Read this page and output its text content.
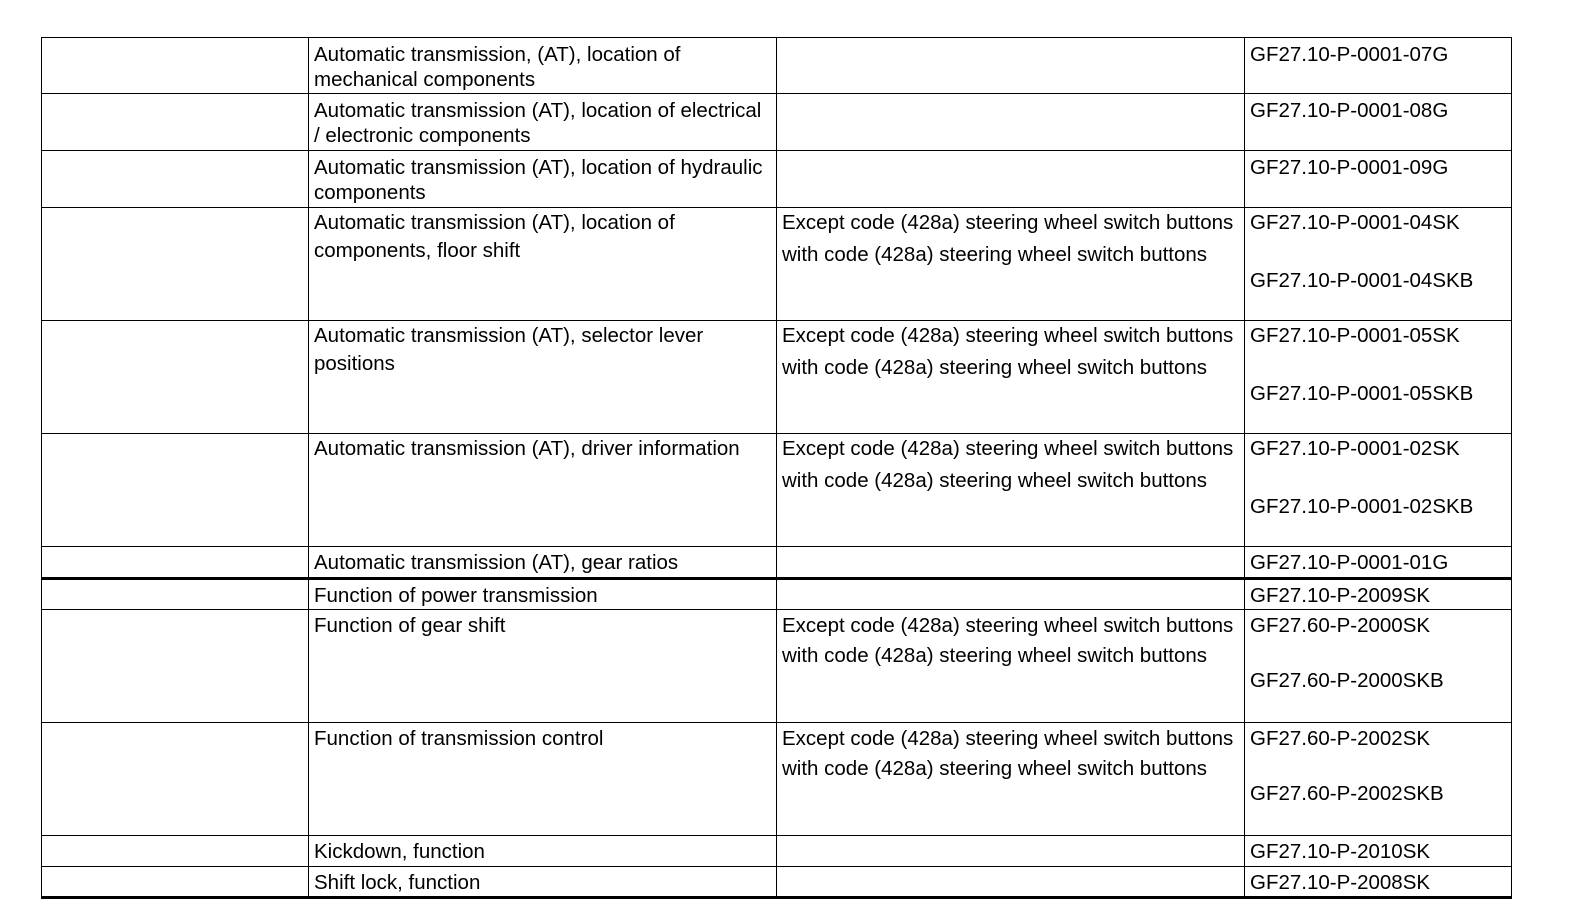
	Automatic transmission, (AT), location of mechanical components		GF27.10-P-0001-07G

	Automatic transmission (AT), location of electrical / electronic components		GF27.10-P-0001-08G

	Automatic transmission (AT), location of hydraulic components		GF27.10-P-0001-09G

	Automatic transmission (AT), location of components, floor shift	Except code (428a) steering wheel switch buttons
with code (428a) steering wheel switch buttons	GF27.10-P-0001-04SK
GF27.10-P-0001-04SKB

	Automatic transmission (AT), selector lever positions	Except code (428a) steering wheel switch buttons
with code (428a) steering wheel switch buttons	GF27.10-P-0001-05SK
GF27.10-P-0001-05SKB

	Automatic transmission (AT), driver information	Except code (428a) steering wheel switch buttons
with code (428a) steering wheel switch buttons	GF27.10-P-0001-02SK
GF27.10-P-0001-02SKB

	Automatic transmission (AT), gear ratios		GF27.10-P-0001-01G

	Function of power transmission		GF27.10-P-2009SK

	Function of gear shift	Except code (428a) steering wheel switch buttons
with code (428a) steering wheel switch buttons	GF27.60-P-2000SK
GF27.60-P-2000SKB

	Function of transmission control	Except code (428a) steering wheel switch buttons
with code (428a) steering wheel switch buttons	GF27.60-P-2002SK
GF27.60-P-2002SKB

	Kickdown, function		GF27.10-P-2010SK

	Shift lock, function		GF27.10-P-2008SK
